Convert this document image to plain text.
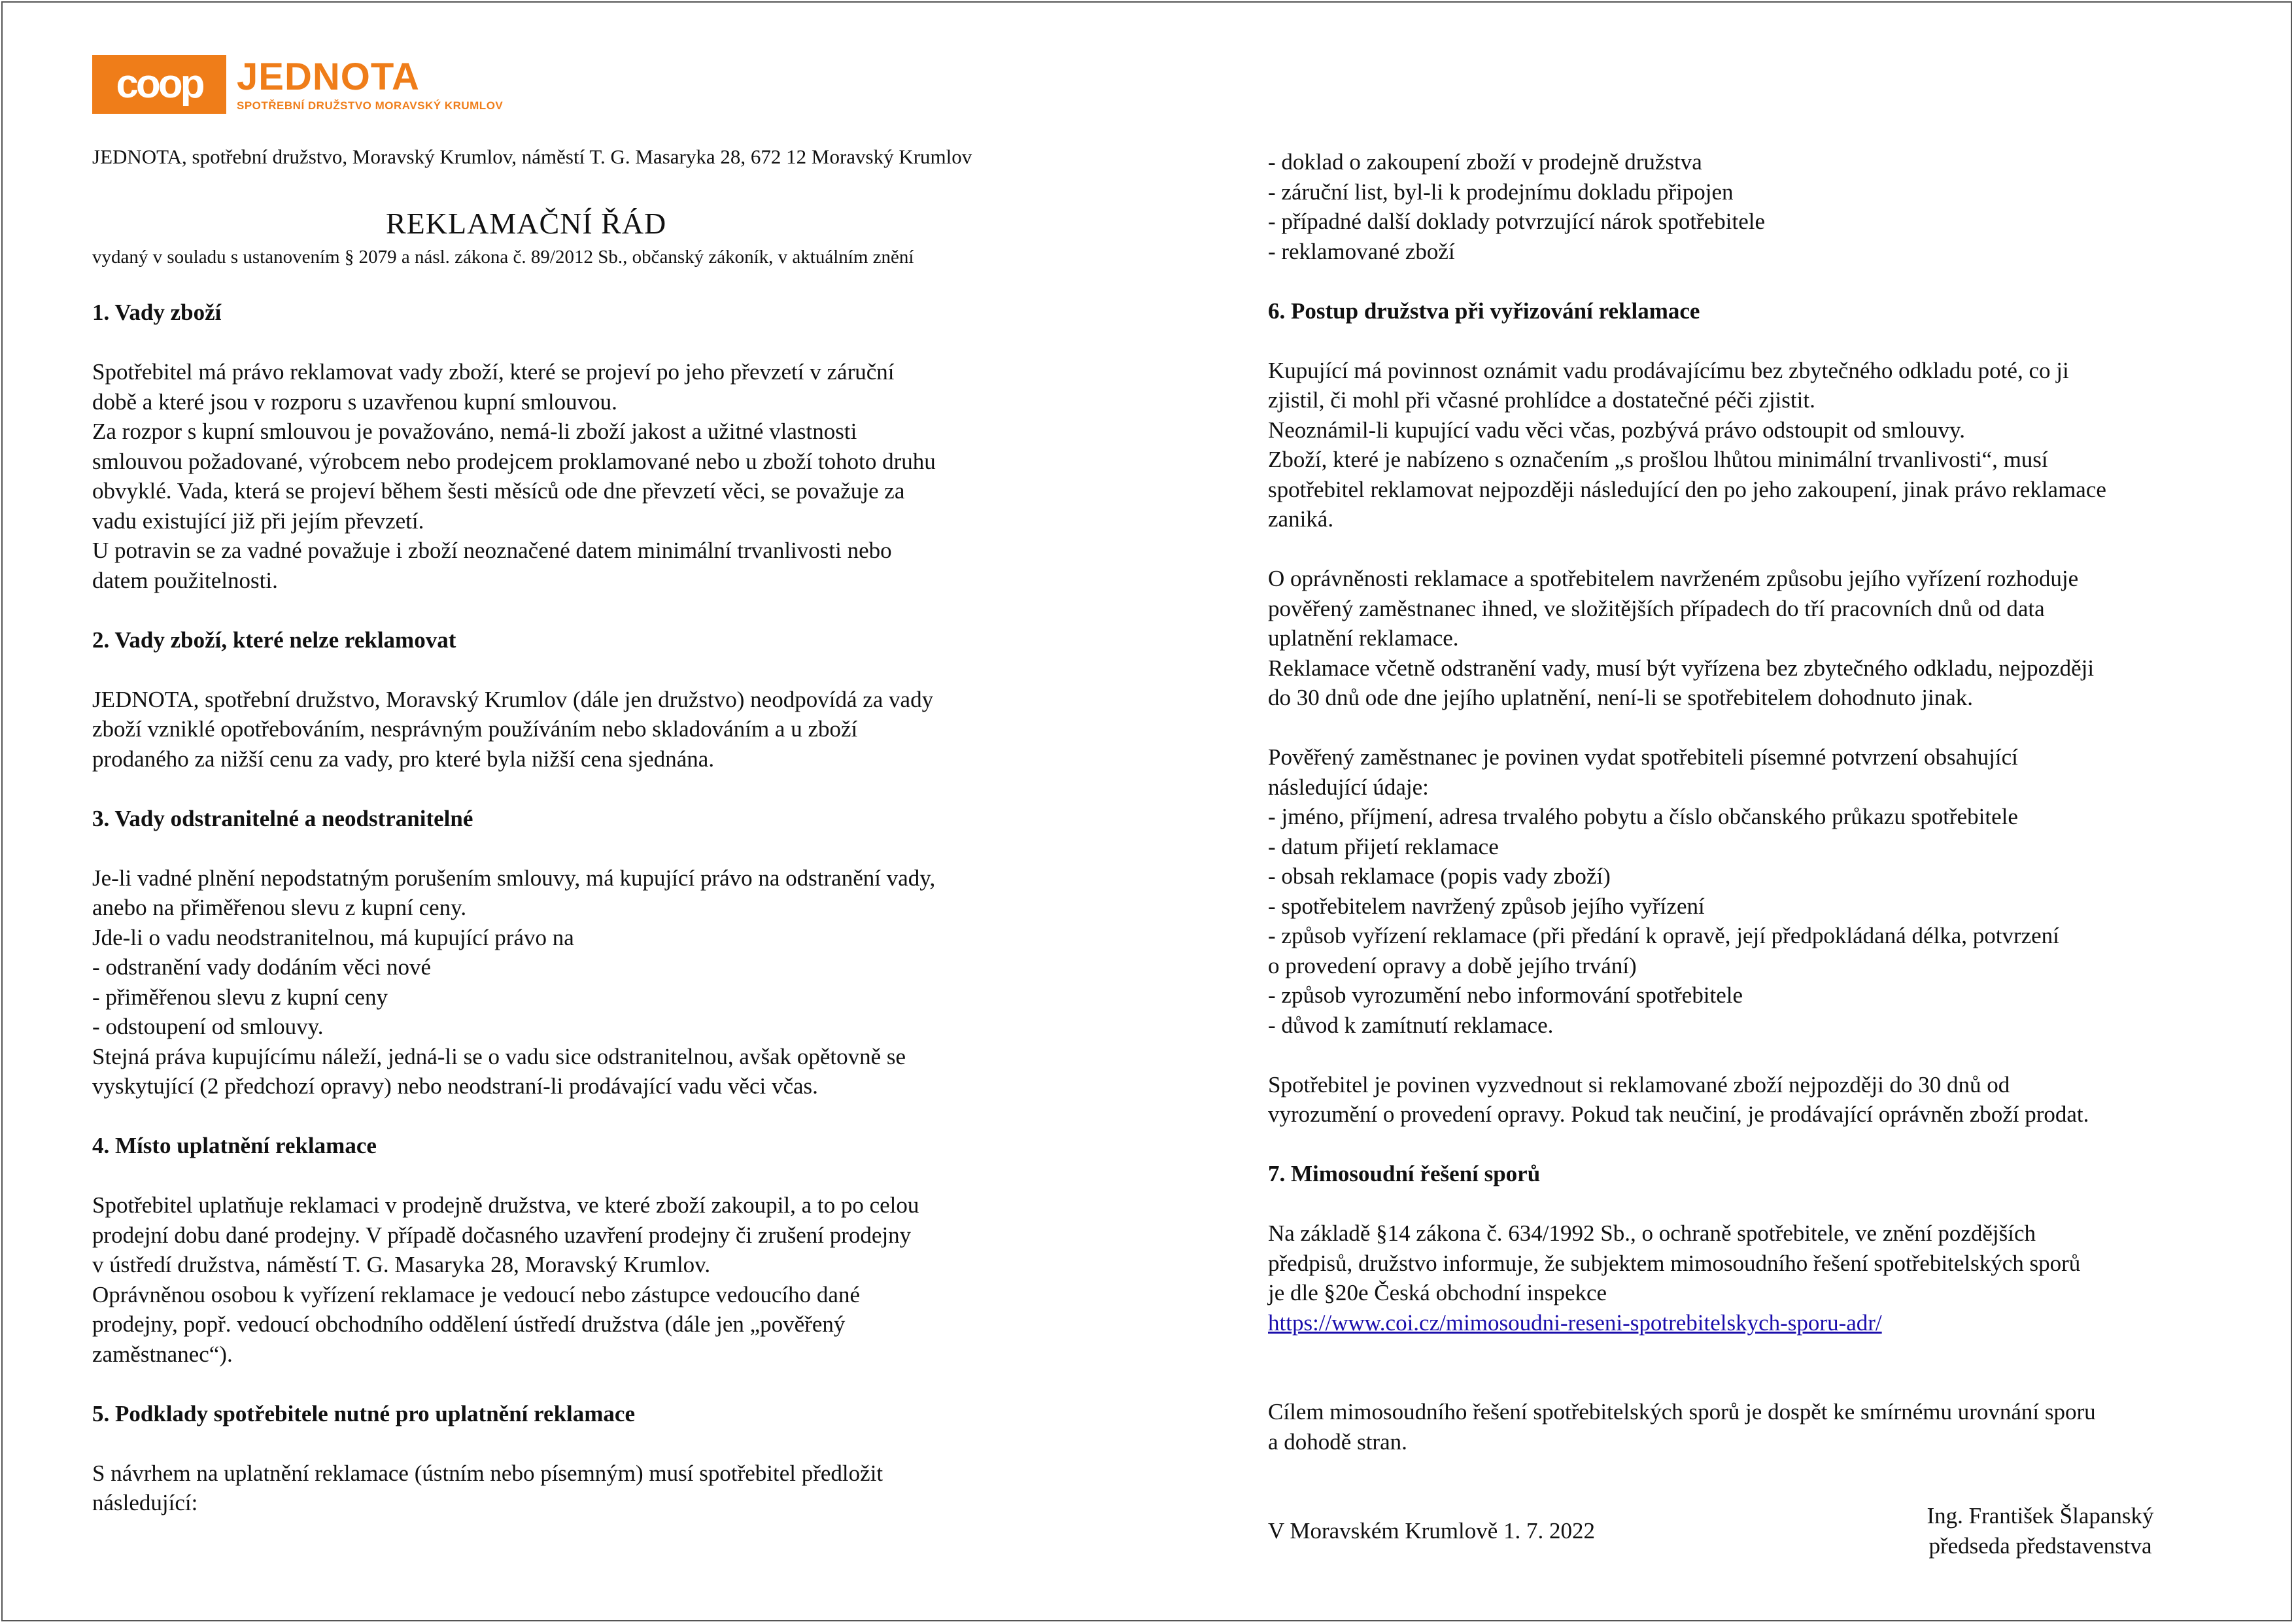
coop JEDNOTA
SPOTŘEBNÍ DRUŽSTVO MORAVSKÝ KRUMLOV
JEDNOTA, spotřební družstvo, Moravský Krumlov, náměstí T. G. Masaryka 28, 672 12 Moravský Krumlov
REKLAMAČNÍ ŘÁD
vydaný v souladu s ustanovením § 2079 a násl. zákona č. 89/2012 Sb., občanský zákoník, v aktuálním znění
1. Vady zboží

Spotřebitel má právo reklamovat vady zboží, které se projeví po jeho převzetí v záruční

době a které jsou v rozporu s uzavřenou kupní smlouvou.

Za rozpor s kupní smlouvou je považováno, nemá-li zboží jakost a užitné vlastnosti

smlouvou požadované, výrobcem nebo prodejcem proklamované nebo u zboží tohoto druhu

obvyklé. Vada, která se projeví během šesti měsíců ode dne převzetí věci, se považuje za

vadu existující již při jejím převzetí.

U potravin se za vadné považuje i zboží neoznačené datem minimální trvanlivosti nebo

datem použitelnosti.

2. Vady zboží, které nelze reklamovat

JEDNOTA, spotřební družstvo, Moravský Krumlov (dále jen družstvo) neodpovídá za vady

zboží vzniklé opotřebováním, nesprávným používáním nebo skladováním a u zboží

prodaného za nižší cenu za vady, pro které byla nižší cena sjednána.

3. Vady odstranitelné a neodstranitelné

Je-li vadné plnění nepodstatným porušením smlouvy, má kupující právo na odstranění vady,

anebo na přiměřenou slevu z kupní ceny.

Jde-li o vadu neodstranitelnou, má kupující právo na

- odstranění vady dodáním věci nové

- přiměřenou slevu z kupní ceny

- odstoupení od smlouvy.

Stejná práva kupujícímu náleží, jedná-li se o vadu sice odstranitelnou, avšak opětovně se

vyskytující (2 předchozí opravy) nebo neodstraní-li prodávající vadu věci včas.

4. Místo uplatnění reklamace

Spotřebitel uplatňuje reklamaci v prodejně družstva, ve které zboží zakoupil, a to po celou

prodejní dobu dané prodejny. V případě dočasného uzavření prodejny či zrušení prodejny

v ústředí družstva, náměstí T. G. Masaryka 28, Moravský Krumlov.

Oprávněnou osobou k vyřízení reklamace je vedoucí nebo zástupce vedoucího dané

prodejny, popř. vedoucí obchodního oddělení ústředí družstva (dále jen „pověřený

zaměstnanec“).

5. Podklady spotřebitele nutné pro uplatnění reklamace

S návrhem na uplatnění reklamace (ústním nebo písemným) musí spotřebitel předložit

následující:

- doklad o zakoupení zboží v prodejně družstva

- záruční list, byl-li k prodejnímu dokladu připojen

- případné další doklady potvrzující nárok spotřebitele

- reklamované zboží

6. Postup družstva při vyřizování reklamace

Kupující má povinnost oznámit vadu prodávajícímu bez zbytečného odkladu poté, co ji

zjistil, či mohl při včasné prohlídce a dostatečné péči zjistit.

Neoznámil-li kupující vadu věci včas, pozbývá právo odstoupit od smlouvy.

Zboží, které je nabízeno s označením „s prošlou lhůtou minimální trvanlivosti“, musí

spotřebitel reklamovat nejpozději následující den po jeho zakoupení, jinak právo reklamace

zaniká.

O oprávněnosti reklamace a spotřebitelem navrženém způsobu jejího vyřízení rozhoduje

pověřený zaměstnanec ihned, ve složitějších případech do tří pracovních dnů od data

uplatnění reklamace.

Reklamace včetně odstranění vady, musí být vyřízena bez zbytečného odkladu, nejpozději

do 30 dnů ode dne jejího uplatnění, není-li se spotřebitelem dohodnuto jinak.

Pověřený zaměstnanec je povinen vydat spotřebiteli písemné potvrzení obsahující

následující údaje:

- jméno, příjmení, adresa trvalého pobytu a číslo občanského průkazu spotřebitele

- datum přijetí reklamace

- obsah reklamace (popis vady zboží)

- spotřebitelem navržený způsob jejího vyřízení

- způsob vyřízení reklamace (při předání k opravě, její předpokládaná délka, potvrzení

o provedení opravy a době jejího trvání)

- způsob vyrozumění nebo informování spotřebitele

- důvod k zamítnutí reklamace.

Spotřebitel je povinen vyzvednout si reklamované zboží nejpozději do 30 dnů od

vyrozumění o provedení opravy. Pokud tak neučiní, je prodávající oprávněn zboží prodat.

7. Mimosoudní řešení sporů

Na základě §14 zákona č. 634/1992 Sb., o ochraně spotřebitele, ve znění pozdějších

předpisů, družstvo informuje, že subjektem mimosoudního řešení spotřebitelských sporů

je dle §20e Česká obchodní inspekce

https://www.coi.cz/mimosoudni-reseni-spotrebitelskych-sporu-adr/

Cílem mimosoudního řešení spotřebitelských sporů je dospět ke smírnému urovnání sporu

a dohodě stran.

V Moravském Krumlově 1. 7. 2022

Ing. František Šlapanský
předseda představenstva
